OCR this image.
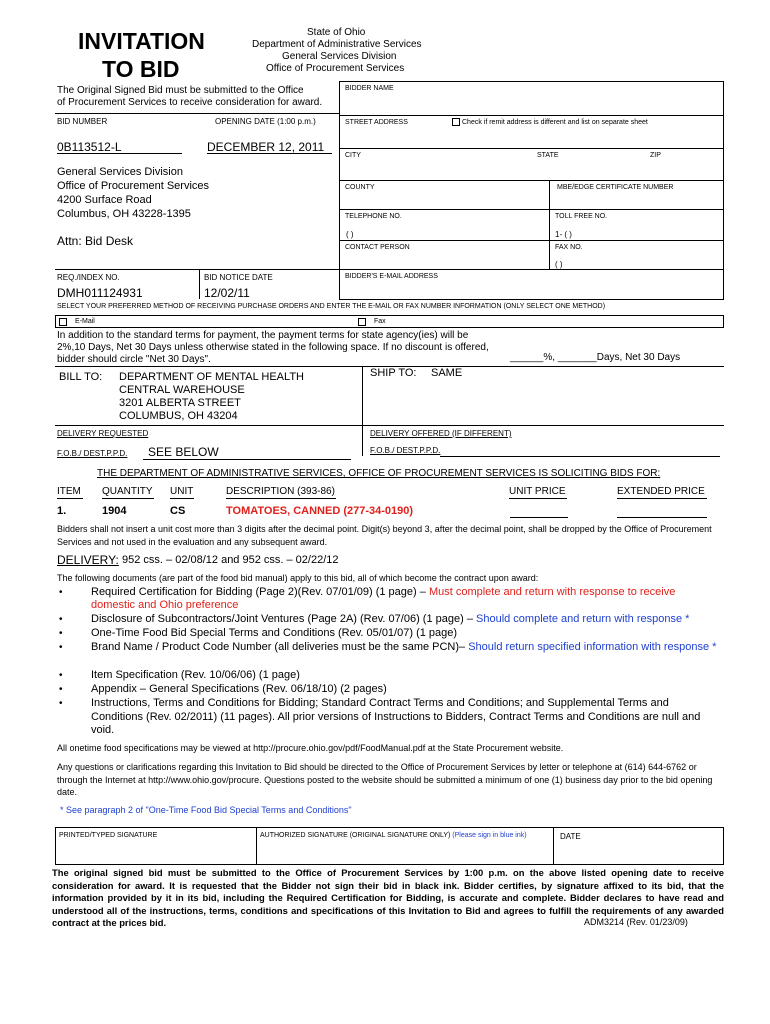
INVITATION
TO BID
State of Ohio
Department of Administrative Services
General Services Division
Office of Procurement Services
The Original Signed Bid must be submitted to the Office
of Procurement Services to receive consideration for award.
BID NUMBER	OPENING DATE (1:00 p.m.)
0B113512-L	DECEMBER 12, 2011
General Services Division
Office of Procurement Services
4200 Surface Road
Columbus, OH 43228-1395
Attn: Bid Desk
REQ./INDEX NO.	BID NOTICE DATE
DMH011124931	12/02/11
BIDDER NAME
STREET ADDRESS	Check if remit address is different and list on separate sheet
CITY	STATE	ZIP
COUNTY	MBE/EDGE CERTIFICATE NUMBER
TELEPHONE NO.	TOLL FREE NO.
( )	1- ( )
CONTACT PERSON	FAX NO.
( )
BIDDER'S E-MAIL ADDRESS
SELECT YOUR PREFERRED METHOD OF RECEIVING PURCHASE ORDERS AND ENTER THE E-MAIL OR FAX NUMBER INFORMATION (ONLY SELECT ONE METHOD)
E-Mail	Fax
In addition to the standard terms for payment, the payment terms for state agency(ies) will be
2%,10 Days, Net 30 Days unless otherwise stated in the following space. If no discount is offered,
bidder should circle "Net 30 Days".	______%, _______Days, Net 30 Days
BILL TO: DEPARTMENT OF MENTAL HEALTH
CENTRAL WAREHOUSE
3201 ALBERTA STREET
COLUMBUS, OH 43204
SHIP TO: SAME
DELIVERY REQUESTED	DELIVERY OFFERED (IF DIFFERENT)
F.O.B./ DEST.P.P.D. SEE BELOW	F.O.B./ DEST.P.P.D.
THE DEPARTMENT OF ADMINISTRATIVE SERVICES, OFFICE OF PROCUREMENT SERVICES IS SOLICITING BIDS FOR:
ITEM QUANTITY UNIT	DESCRIPTION (393-86)	UNIT PRICE	EXTENDED PRICE
1.	1904	CS	TOMATOES, CANNED (277-34-0190)
Bidders shall not insert a unit cost more than 3 digits after the decimal point. Digit(s) beyond 3, after the decimal point, shall be dropped by the Office of Procurement Services and not used in the evaluation and any subsequent award.
DELIVERY: 952 css. – 02/08/12 and 952 css. – 02/22/12
The following documents (are part of the food bid manual) apply to this bid, all of which become the contract upon award:
•	Required Certification for Bidding (Page 2)(Rev. 07/01/09) (1 page) – Must complete and return with response to receive domestic and Ohio preference
•	Disclosure of Subcontractors/Joint Ventures (Page 2A) (Rev. 07/06) (1 page) – Should complete and return with response *
•	One-Time Food Bid Special Terms and Conditions (Rev. 05/01/07) (1 page)
•	Brand Name / Product Code Number (all deliveries must be the same PCN)– Should return specified information with response *
•	Item Specification (Rev. 10/06/06) (1 page)
•	Appendix – General Specifications (Rev. 06/18/10) (2 pages)
•	Instructions, Terms and Conditions for Bidding; Standard Contract Terms and Conditions; and Supplemental Terms and Conditions (Rev. 02/2011) (11 pages). All prior versions of Instructions to Bidders, Contract Terms and Conditions are null and void.
All onetime food specifications may be viewed at http://procure.ohio.gov/pdf/FoodManual.pdf at the State Procurement website.
Any questions or clarifications regarding this Invitation to Bid should be directed to the Office of Procurement Services by letter or telephone at (614) 644-6762 or through the Internet at http://www.ohio.gov/procure. Questions posted to the website should be submitted a minimum of one (1) business day prior to the bid opening date.
* See paragraph 2 of "One-Time Food Bid Special Terms and Conditions"
PRINTED/TYPED SIGNATURE	AUTHORIZED SIGNATURE (ORIGINAL SIGNATURE ONLY) (Please sign in blue ink)	DATE
The original signed bid must be submitted to the Office of Procurement Services by 1:00 p.m. on the above listed opening date to receive consideration for award. It is requested that the Bidder not sign their bid in black ink. Bidder certifies, by signature affixed to its bid, that the information provided by it in its bid, including the Required Certification for Bidding, is accurate and complete. Bidder declares to have read and understood all of the instructions, terms, conditions and specifications of this Invitation to Bid and agrees to fulfill the requirements of any awarded contract at the prices bid.	ADM3214 (Rev. 01/23/09)
